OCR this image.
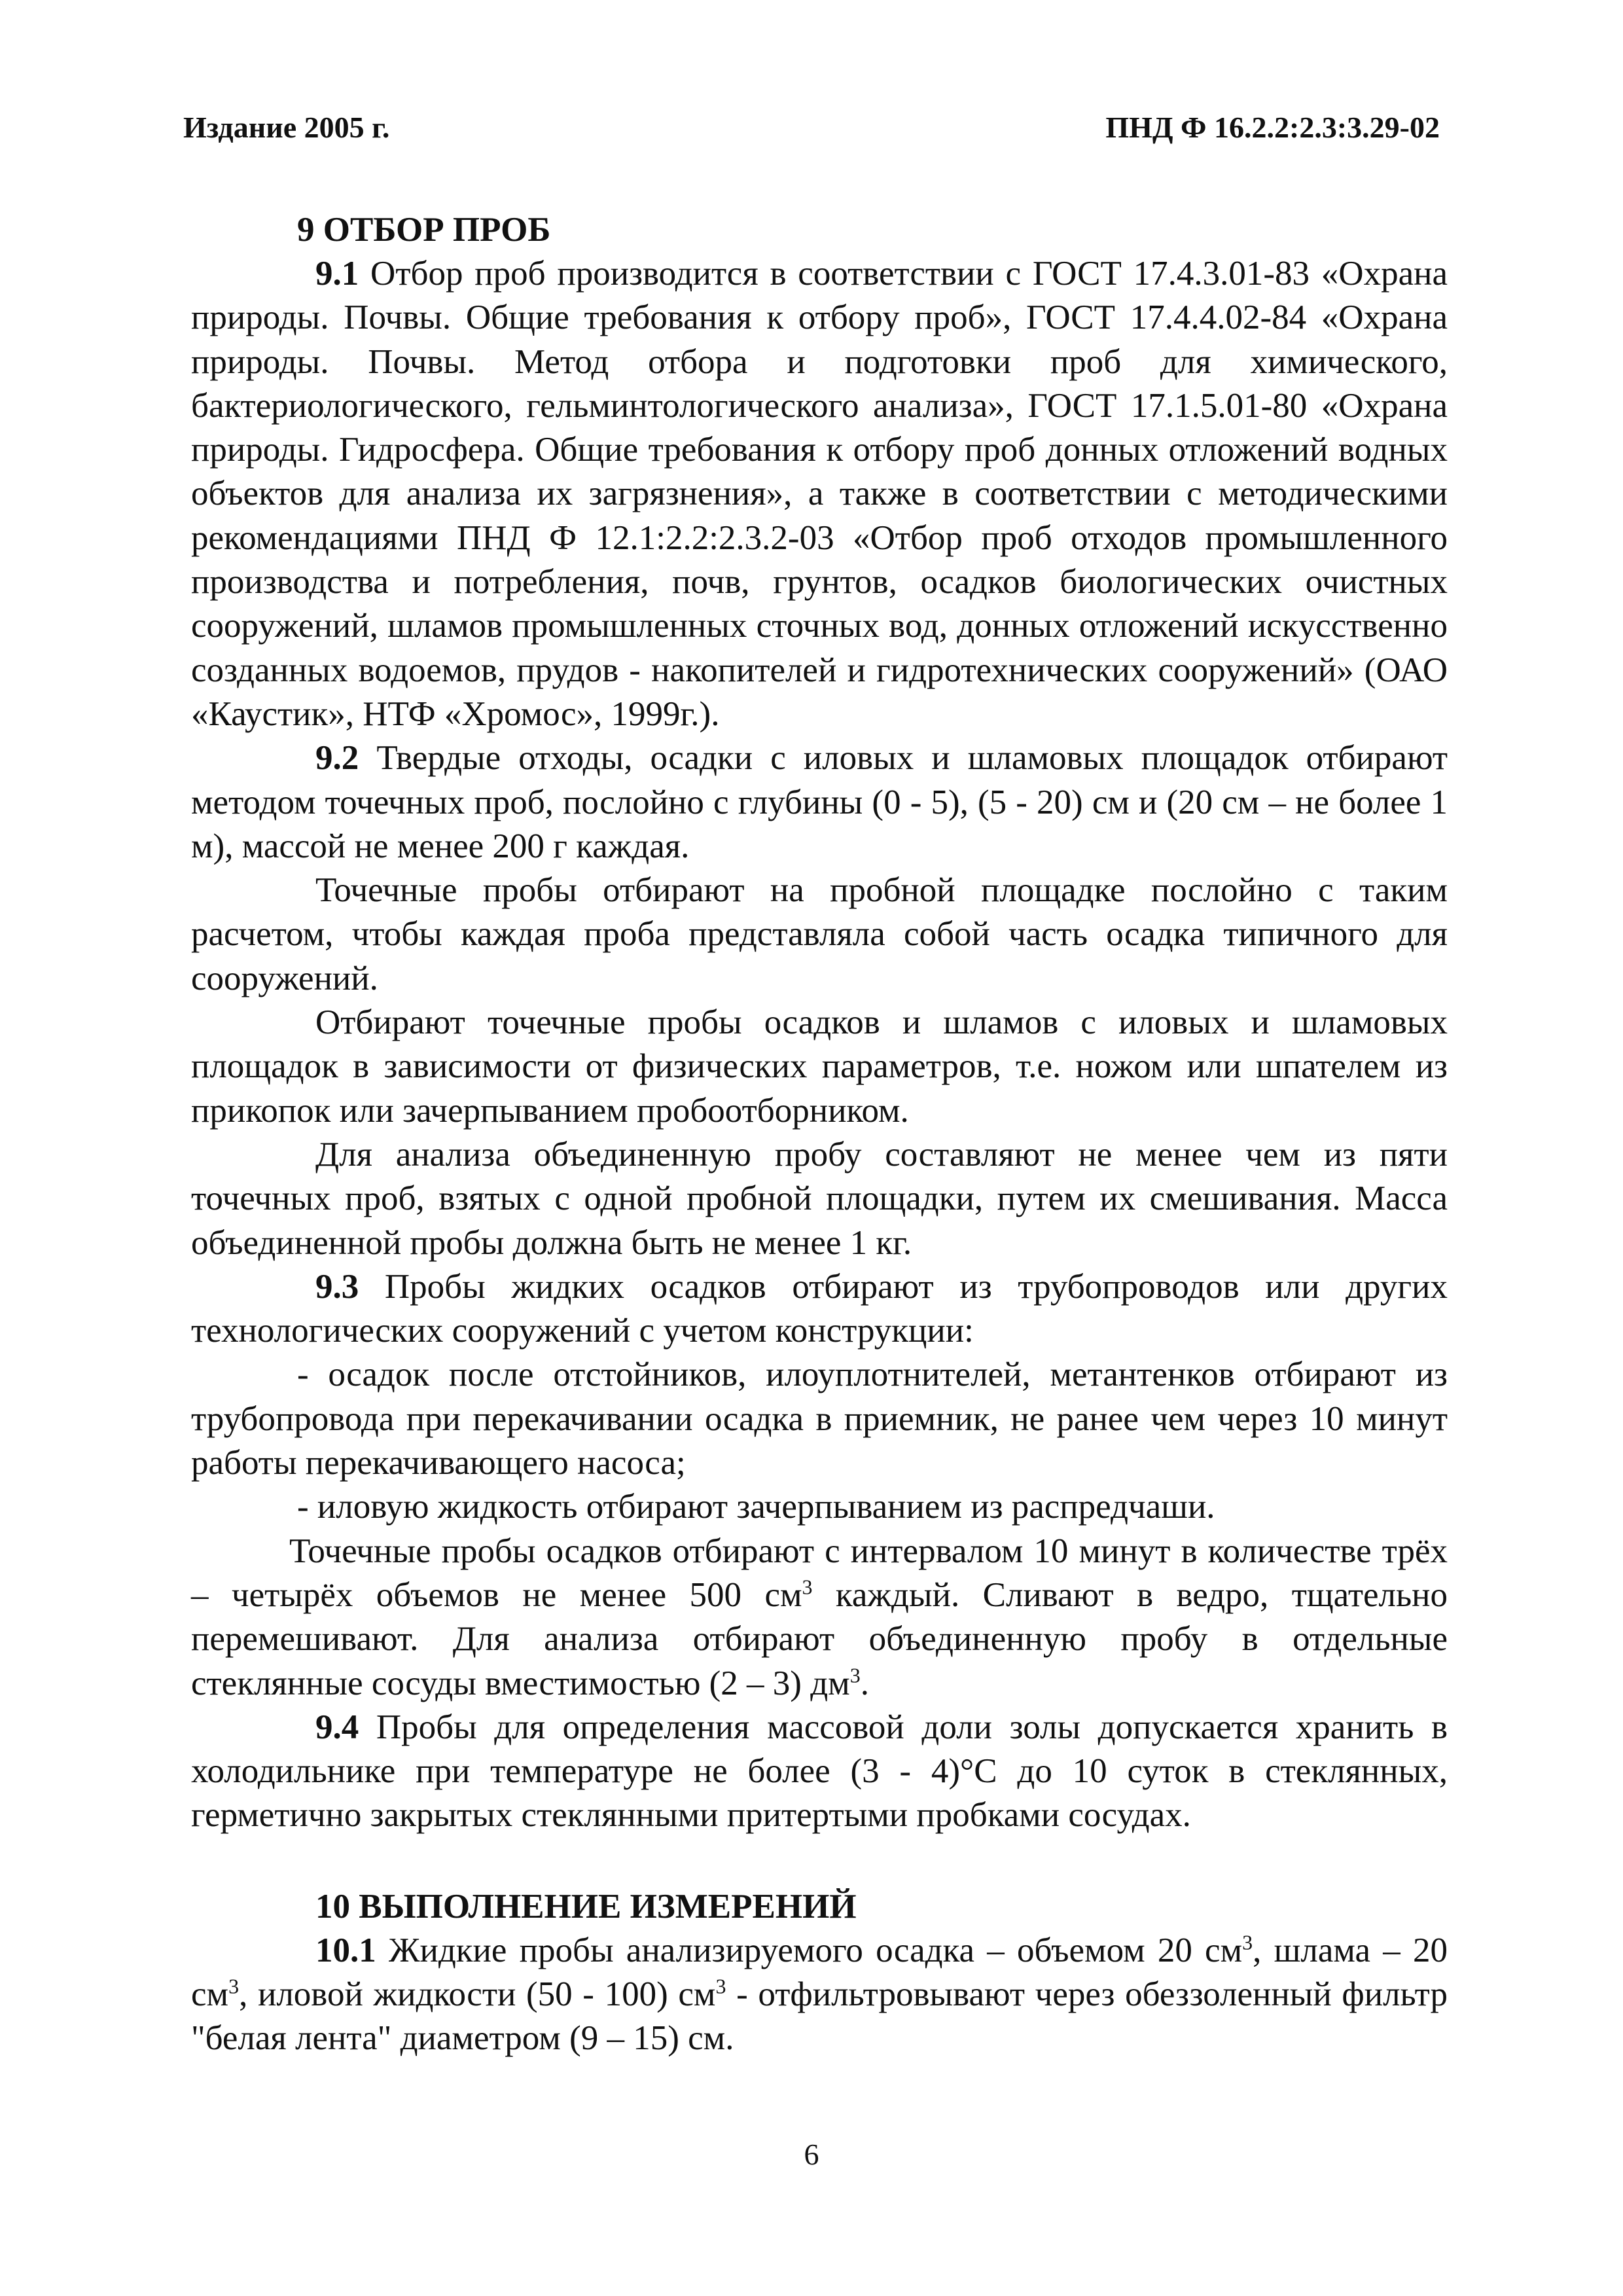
Издание 2005 г.	ПНД Ф 16.2.2:2.3:3.29-02
9 ОТБОР ПРОБ

9.1 Отбор проб производится в соответствии с ГОСТ 17.4.3.01-83 «Охрана природы. Почвы. Общие требования к отбору проб», ГОСТ 17.4.4.02-84 «Охрана природы. Почвы. Метод отбора и подготовки проб для химического, бактериологического, гельминтологического анализа», ГОСТ 17.1.5.01-80 «Охрана природы. Гидросфера. Общие требования к отбору проб донных отложений водных объектов для анализа их загрязнения», а также в соответствии с методическими рекомендациями ПНД Ф 12.1:2.2:2.3.2-03 «Отбор проб отходов промышленного производства и потребления, почв, грунтов, осадков биологических очистных сооружений, шламов промышленных сточных вод, донных отложений искусственно созданных водоемов, прудов - накопителей и гидротехнических сооружений» (ОАО «Каустик», НТФ «Хромос», 1999г.).

9.2 Твердые отходы, осадки с иловых и шламовых площадок отбирают методом точечных проб, послойно с глубины (0 - 5), (5 - 20) см и (20 см – не более 1 м), массой не менее 200 г каждая.

Точечные пробы отбирают на пробной площадке послойно с таким расчетом, чтобы каждая проба представляла собой часть осадка типичного для сооружений.

Отбирают точечные пробы осадков и шламов с иловых и шламовых площадок в зависимости от физических параметров, т.е. ножом или шпателем из прикопок или зачерпыванием пробоотборником.

Для анализа объединенную пробу составляют не менее чем из пяти точечных проб, взятых с одной пробной площадки, путем их смешивания. Масса объединенной пробы должна быть не менее 1 кг.

9.3 Пробы жидких осадков отбирают из трубопроводов или других технологических сооружений с учетом конструкции:

- осадок после отстойников, илоуплотнителей, метантенков отбирают из трубопровода при перекачивании осадка в приемник, не ранее чем через 10 минут работы перекачивающего насоса;

- иловую жидкость отбирают зачерпыванием из распредчаши.

Точечные пробы осадков отбирают с интервалом 10 минут в количестве трёх – четырёх объемов не менее 500 $см^3$ каждый. Сливают в ведро, тщательно перемешивают. Для анализа отбирают объединенную пробу в отдельные стеклянные сосуды вместимостью (2 – 3) $дм^3$.

9.4 Пробы для определения массовой доли золы допускается хранить в холодильнике при температуре не более (3 - 4)°С до 10 суток в стеклянных, герметично закрытых стеклянными притертыми пробками сосудах.

10 ВЫПОЛНЕНИЕ ИЗМЕРЕНИЙ

10.1 Жидкие пробы анализируемого осадка – объемом 20 $см^3$, шлама – 20 $см^3$, иловой жидкости (50 - 100) $см^3$ - отфильтровывают через обеззоленный фильтр "белая лента" диаметром (9 – 15) см.

6
